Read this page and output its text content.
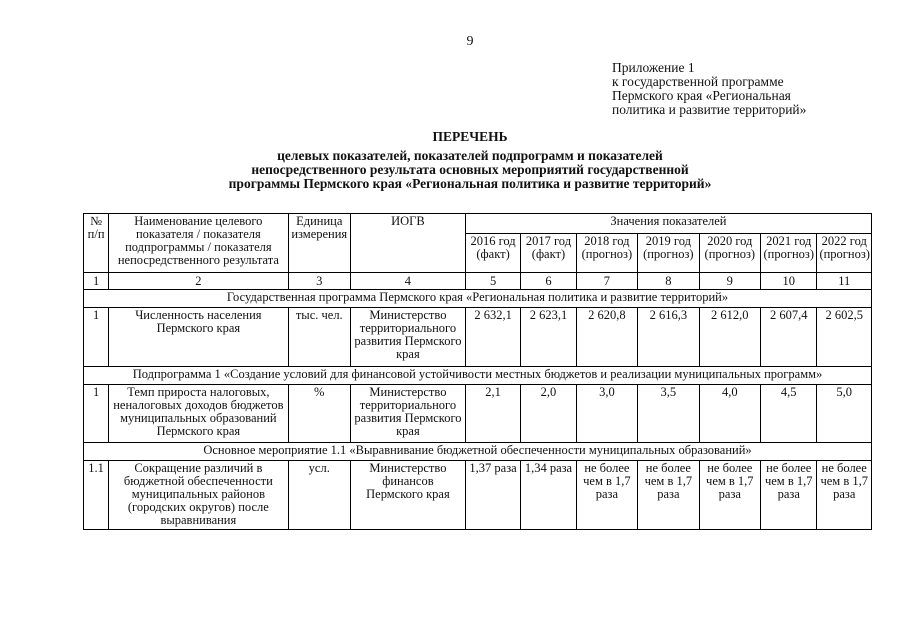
9
Приложение 1
к государственной программе
Пермского края «Региональная
политика и развитие территорий»
ПЕРЕЧЕНЬ
целевых показателей, показателей подпрограмм и показателей
непосредственного результата основных мероприятий государственной
программы Пермского края «Региональная политика и развитие территорий»
№ п/п	Наименование целевого показателя / показателя подпрограммы / показателя непосредственного результата	Единица измерения	ИОГВ	Значения показателей						
				2016 год (факт)	2017 год (факт)	2018 год (прогноз)	2019 год (прогноз)	2020 год (прогноз)	2021 год (прогноз)	2022 год (прогноз)
1	2	3	4	5	6	7	8	9	10	11
Государственная программа Пермского края «Региональная политика и развитие территорий»										
1	Численность населения Пермского края	тыс. чел.	Министерство территориального развития Пермского края	2 632,1	2 623,1	2 620,8	2 616,3	2 612,0	2 607,4	2 602,5
Подпрограмма 1 «Создание условий для финансовой устойчивости местных бюджетов и реализации муниципальных программ»										
1	Темп прироста налоговых, неналоговых доходов бюджетов муниципальных образований Пермского края	%	Министерство территориального развития Пермского края	2,1	2,0	3,0	3,5	4,0	4,5	5,0
Основное мероприятие 1.1 «Выравнивание бюджетной обеспеченности муниципальных образований»										
1.1	Сокращение различий в бюджетной обеспеченности муниципальных районов (городских округов) после выравнивания	усл.	Министерство финансов Пермского края	1,37 раза	1,34 раза	не более чем в 1,7 раза	не более чем в 1,7 раза	не более чем в 1,7 раза	не более чем в 1,7 раза	не более чем в 1,7 раза
